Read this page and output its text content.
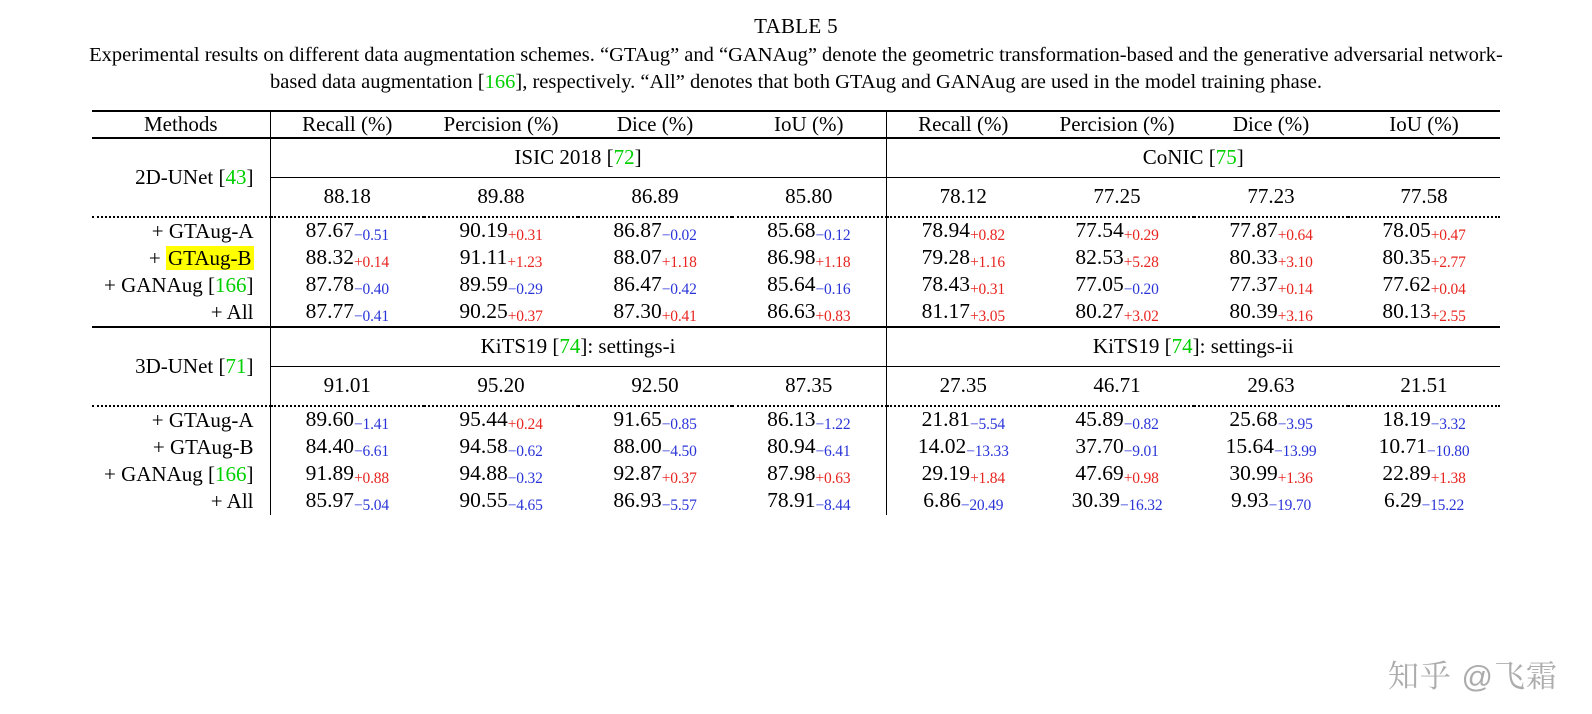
TABLE 5
Experimental results on different data augmentation schemes. “GTAug” and “GANAug” denote the geometric transformation-based and the generative adversarial network-based data augmentation [166], respectively. “All” denotes that both GTAug and GANAug are used in the model training phase.
Methods	Recall (%)	Percision (%)	Dice (%)	IoU (%)	Recall (%)	Percision (%)	Dice (%)	IoU (%)
2D-UNet [43]	ISIC 2018 [72]				CoNIC [75]			
	88.18	89.88	86.89	85.80	78.12	77.25	77.23	77.58
+ GTAug-A	87.67−0.51	90.19+0.31	86.87−0.02	85.68−0.12	78.94+0.82	77.54+0.29	77.87+0.64	78.05+0.47
+ GTAug-B	88.32+0.14	91.11+1.23	88.07+1.18	86.98+1.18	79.28+1.16	82.53+5.28	80.33+3.10	80.35+2.77
+ GANAug [166]	87.78−0.40	89.59−0.29	86.47−0.42	85.64−0.16	78.43+0.31	77.05−0.20	77.37+0.14	77.62+0.04
+ All	87.77−0.41	90.25+0.37	87.30+0.41	86.63+0.83	81.17+3.05	80.27+3.02	80.39+3.16	80.13+2.55
3D-UNet [71]	KiTS19 [74]: settings-i				KiTS19 [74]: settings-ii			
	91.01	95.20	92.50	87.35	27.35	46.71	29.63	21.51
+ GTAug-A	89.60−1.41	95.44+0.24	91.65−0.85	86.13−1.22	21.81−5.54	45.89−0.82	25.68−3.95	18.19−3.32
+ GTAug-B	84.40−6.61	94.58−0.62	88.00−4.50	80.94−6.41	14.02−13.33	37.70−9.01	15.64−13.99	10.71−10.80
+ GANAug [166]	91.89+0.88	94.88−0.32	92.87+0.37	87.98+0.63	29.19+1.84	47.69+0.98	30.99+1.36	22.89+1.38
+ All	85.97−5.04	90.55−4.65	86.93−5.57	78.91−8.44	6.86−20.49	30.39−16.32	9.93−19.70	6.29−15.22
知乎 @飞霜
